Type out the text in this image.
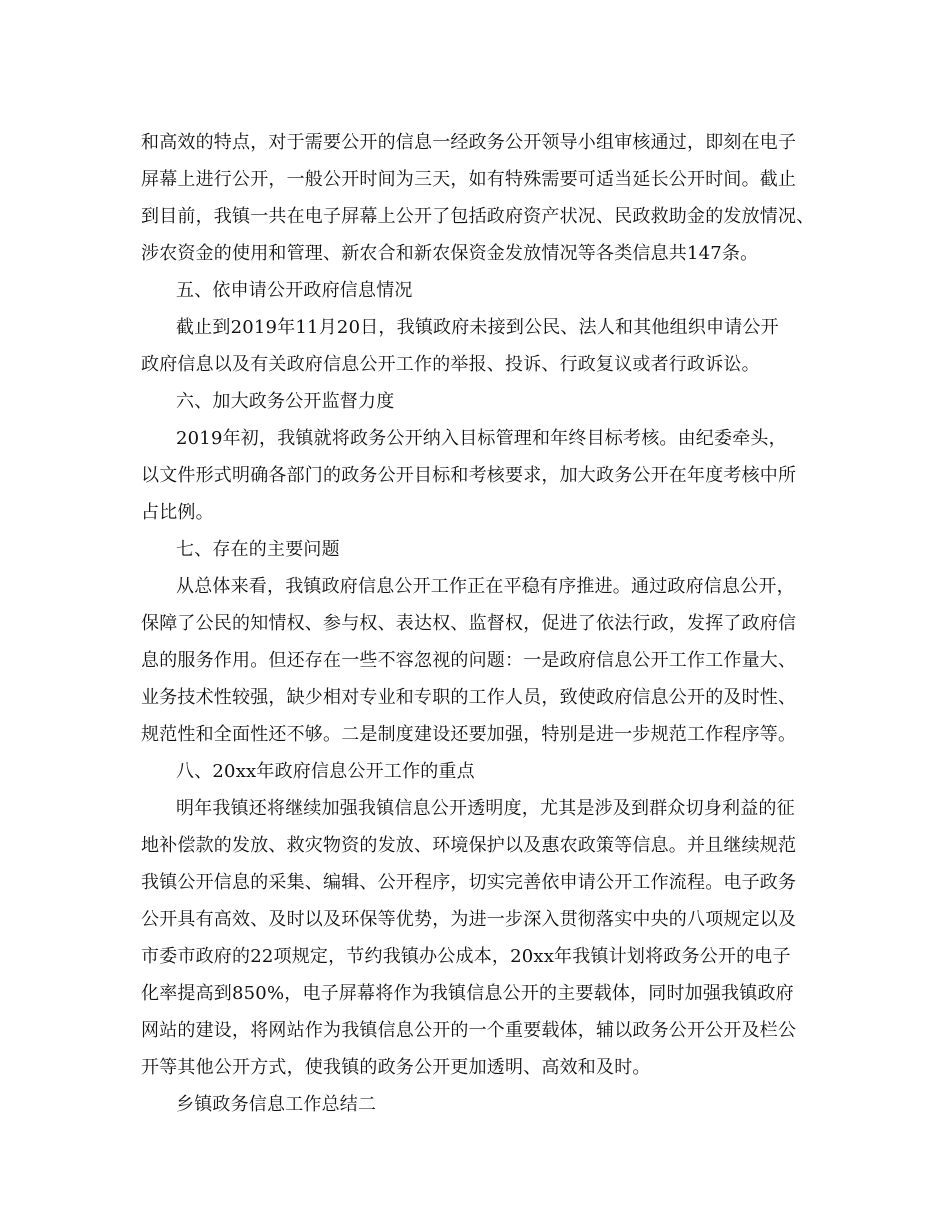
和高效的特点，对于需要公开的信息一经政务公开领导小组审核通过，即刻在电子
屏幕上进行公开，一般公开时间为三天，如有特殊需要可适当延长公开时间。截止
到目前，我镇一共在电子屏幕上公开了包括政府资产状况、民政救助金的发放情况、
涉农资金的使用和管理、新农合和新农保资金发放情况等各类信息共147条。
五、依申请公开政府信息情况
截止到2019年11月20日，我镇政府未接到公民、法人和其他组织申请公开
政府信息以及有关政府信息公开工作的举报、投诉、行政复议或者行政诉讼。
六、加大政务公开监督力度
2019年初，我镇就将政务公开纳入目标管理和年终目标考核。由纪委牵头，
以文件形式明确各部门的政务公开目标和考核要求，加大政务公开在年度考核中所
占比例。
七、存在的主要问题
从总体来看，我镇政府信息公开工作正在平稳有序推进。通过政府信息公开，
保障了公民的知情权、参与权、表达权、监督权，促进了依法行政，发挥了政府信
息的服务作用。但还存在一些不容忽视的问题：一是政府信息公开工作工作量大、
业务技术性较强，缺少相对专业和专职的工作人员，致使政府信息公开的及时性、
规范性和全面性还不够。二是制度建设还要加强，特别是进一步规范工作程序等。
八、20xx年政府信息公开工作的重点
明年我镇还将继续加强我镇信息公开透明度，尤其是涉及到群众切身利益的征
地补偿款的发放、救灾物资的发放、环境保护以及惠农政策等信息。并且继续规范
我镇公开信息的采集、编辑、公开程序，切实完善依申请公开工作流程。电子政务
公开具有高效、及时以及环保等优势，为进一步深入贯彻落实中央的八项规定以及
市委市政府的22项规定，节约我镇办公成本，20xx年我镇计划将政务公开的电子
化率提高到850%，电子屏幕将作为我镇信息公开的主要载体，同时加强我镇政府
网站的建设，将网站作为我镇信息公开的一个重要载体，辅以政务公开公开及栏公
开等其他公开方式，使我镇的政务公开更加透明、高效和及时。
乡镇政务信息工作总结二
